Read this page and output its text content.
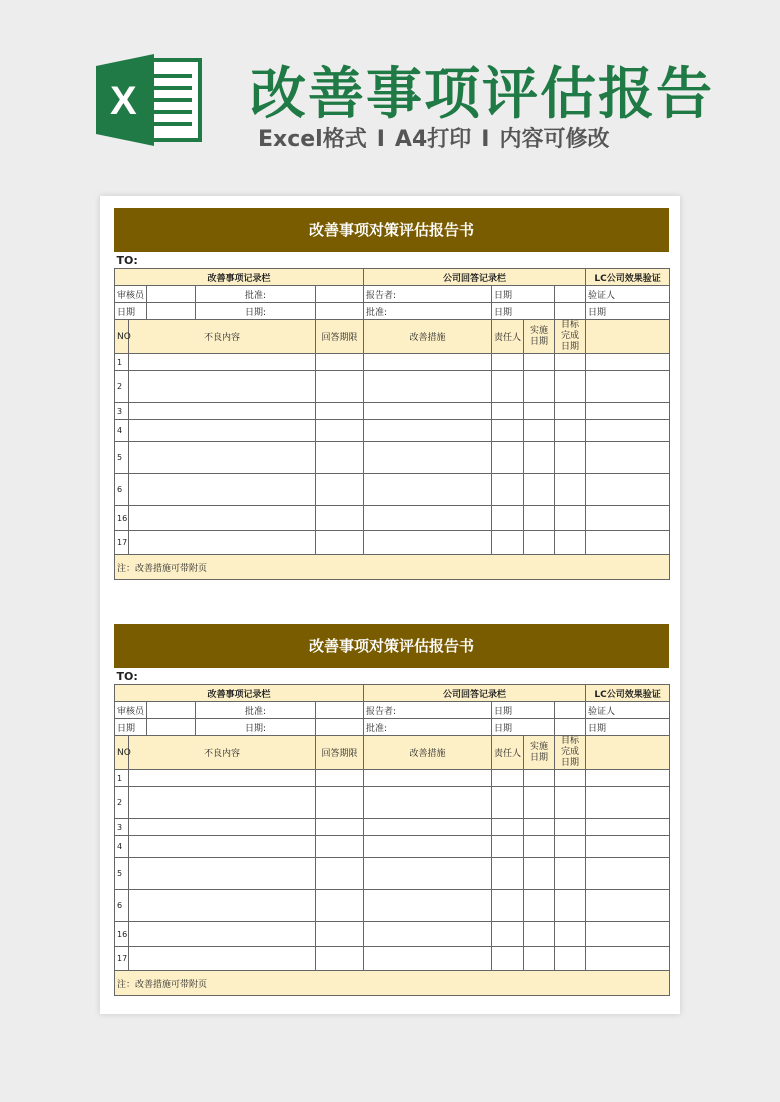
X 改善事项评估报告
Excel格式 I A4打印 I 内容可修改
改善事项对策评估报告书
TO:									
改善事项记录栏					公司回答记录栏				LC公司效果验证
审核员			批准:		报告者:	日期			验证人
日期			日期:		批准:	日期			日期
NO	不良内容			回答期限	改善措施	责任人	实施日期	目标完成日期	
1									
2									
3									
4									
5									
6									
16									
17									
注：改善措施可带附页									
改善事项对策评估报告书
TO:									
改善事项记录栏					公司回答记录栏				LC公司效果验证
审核员			批准:		报告者:	日期			验证人
日期			日期:		批准:	日期			日期
NO	不良内容			回答期限	改善措施	责任人	实施日期	目标完成日期	
1									
2									
3									
4									
5									
6									
16									
17									
注：改善措施可带附页									
